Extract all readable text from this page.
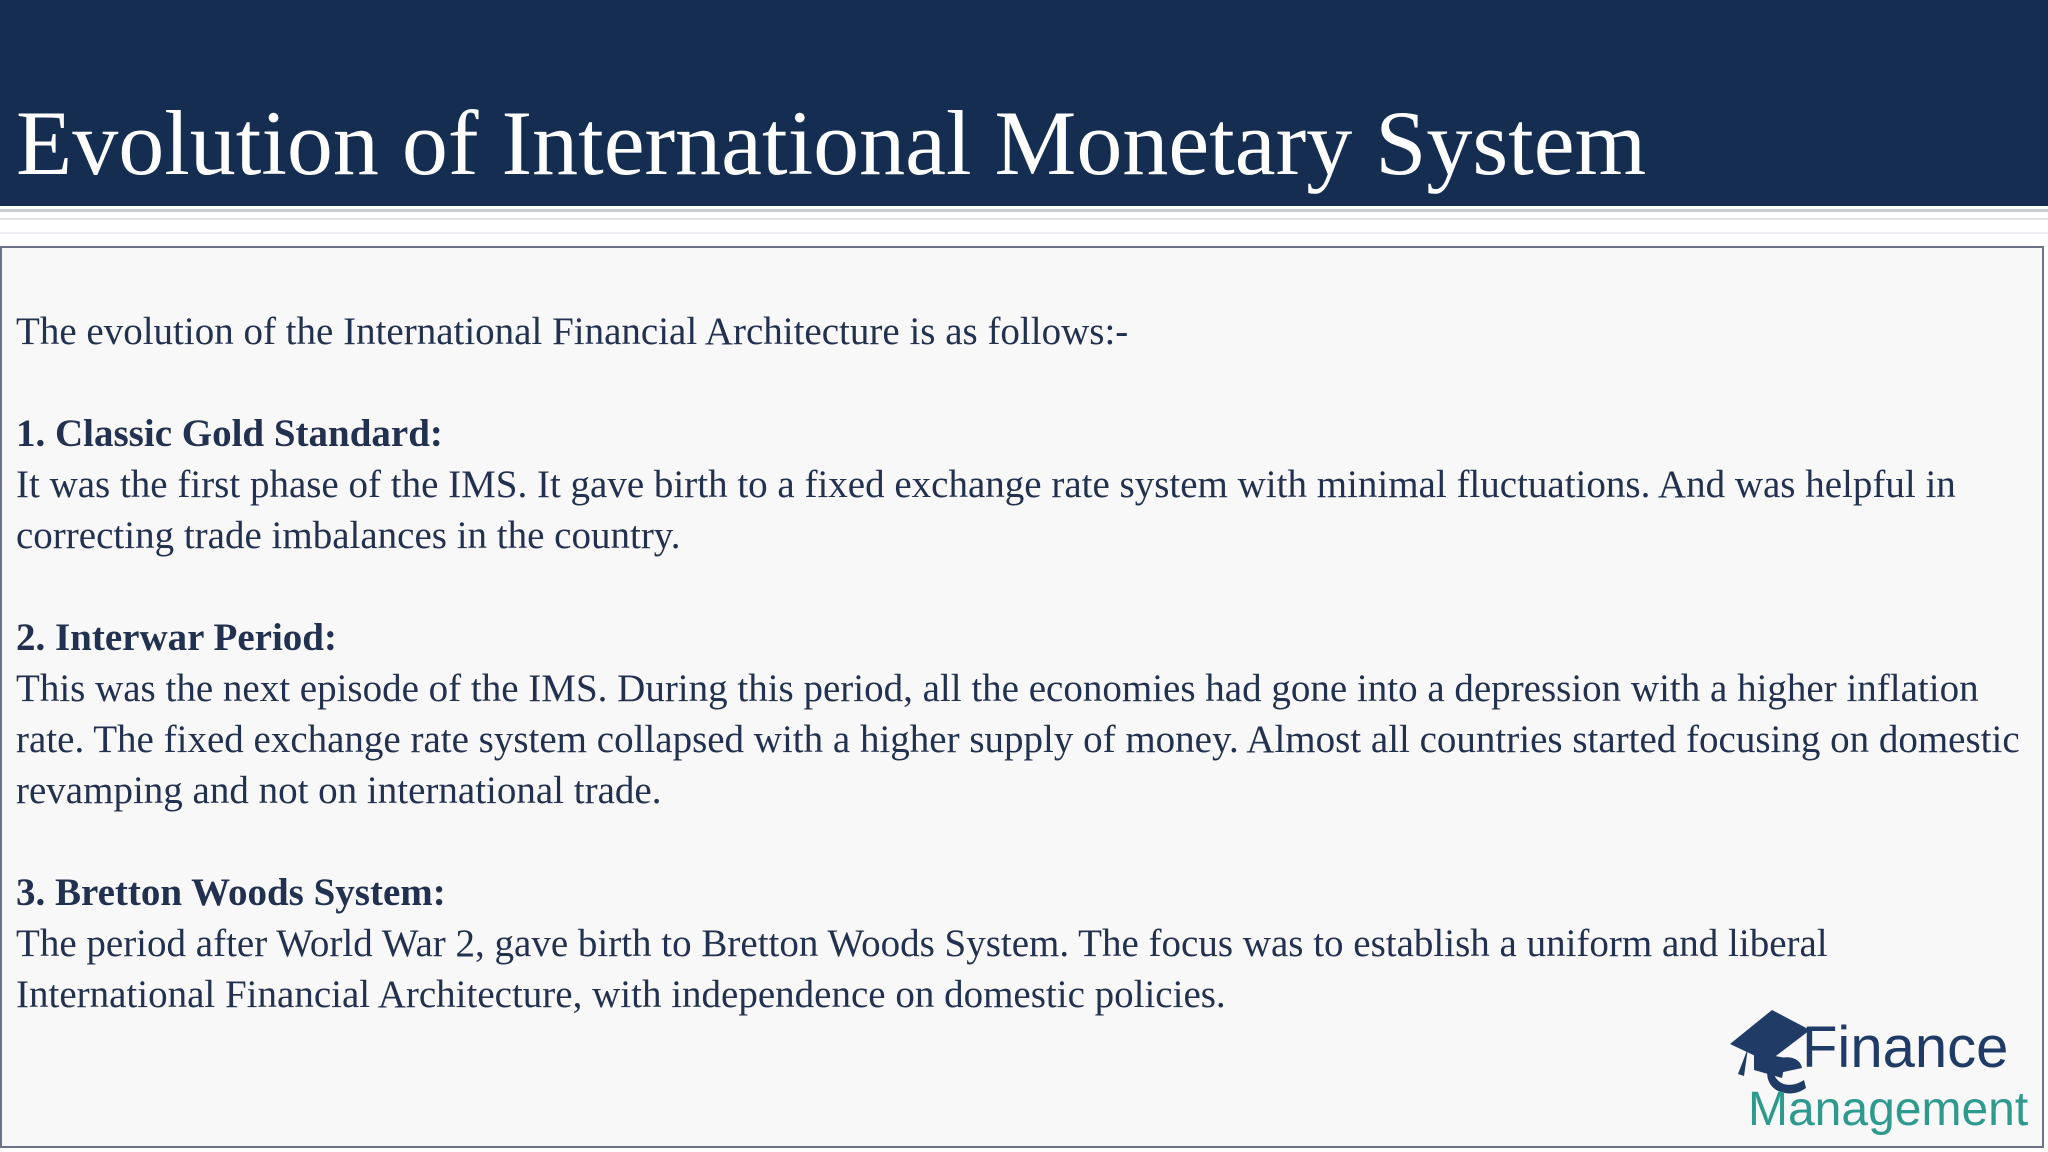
Evolution of International Monetary System

The evolution of the International Financial Architecture is as follows:-

1. Classic Gold Standard:

It was the first phase of the IMS. It gave birth to a fixed exchange rate system with minimal fluctuations. And was helpful in correcting trade imbalances in the country.

2. Interwar Period:

This was the next episode of the IMS. During this period, all the economies had gone into a depression with a higher inflation rate. The fixed exchange rate system collapsed with a higher supply of money. Almost all countries started focusing on domestic revamping and not on international trade.

3. Bretton Woods System:

The period after World War 2, gave birth to Bretton Woods System. The focus was to establish a uniform and liberal International Financial Architecture, with independence on domestic policies.

Finance
Management
